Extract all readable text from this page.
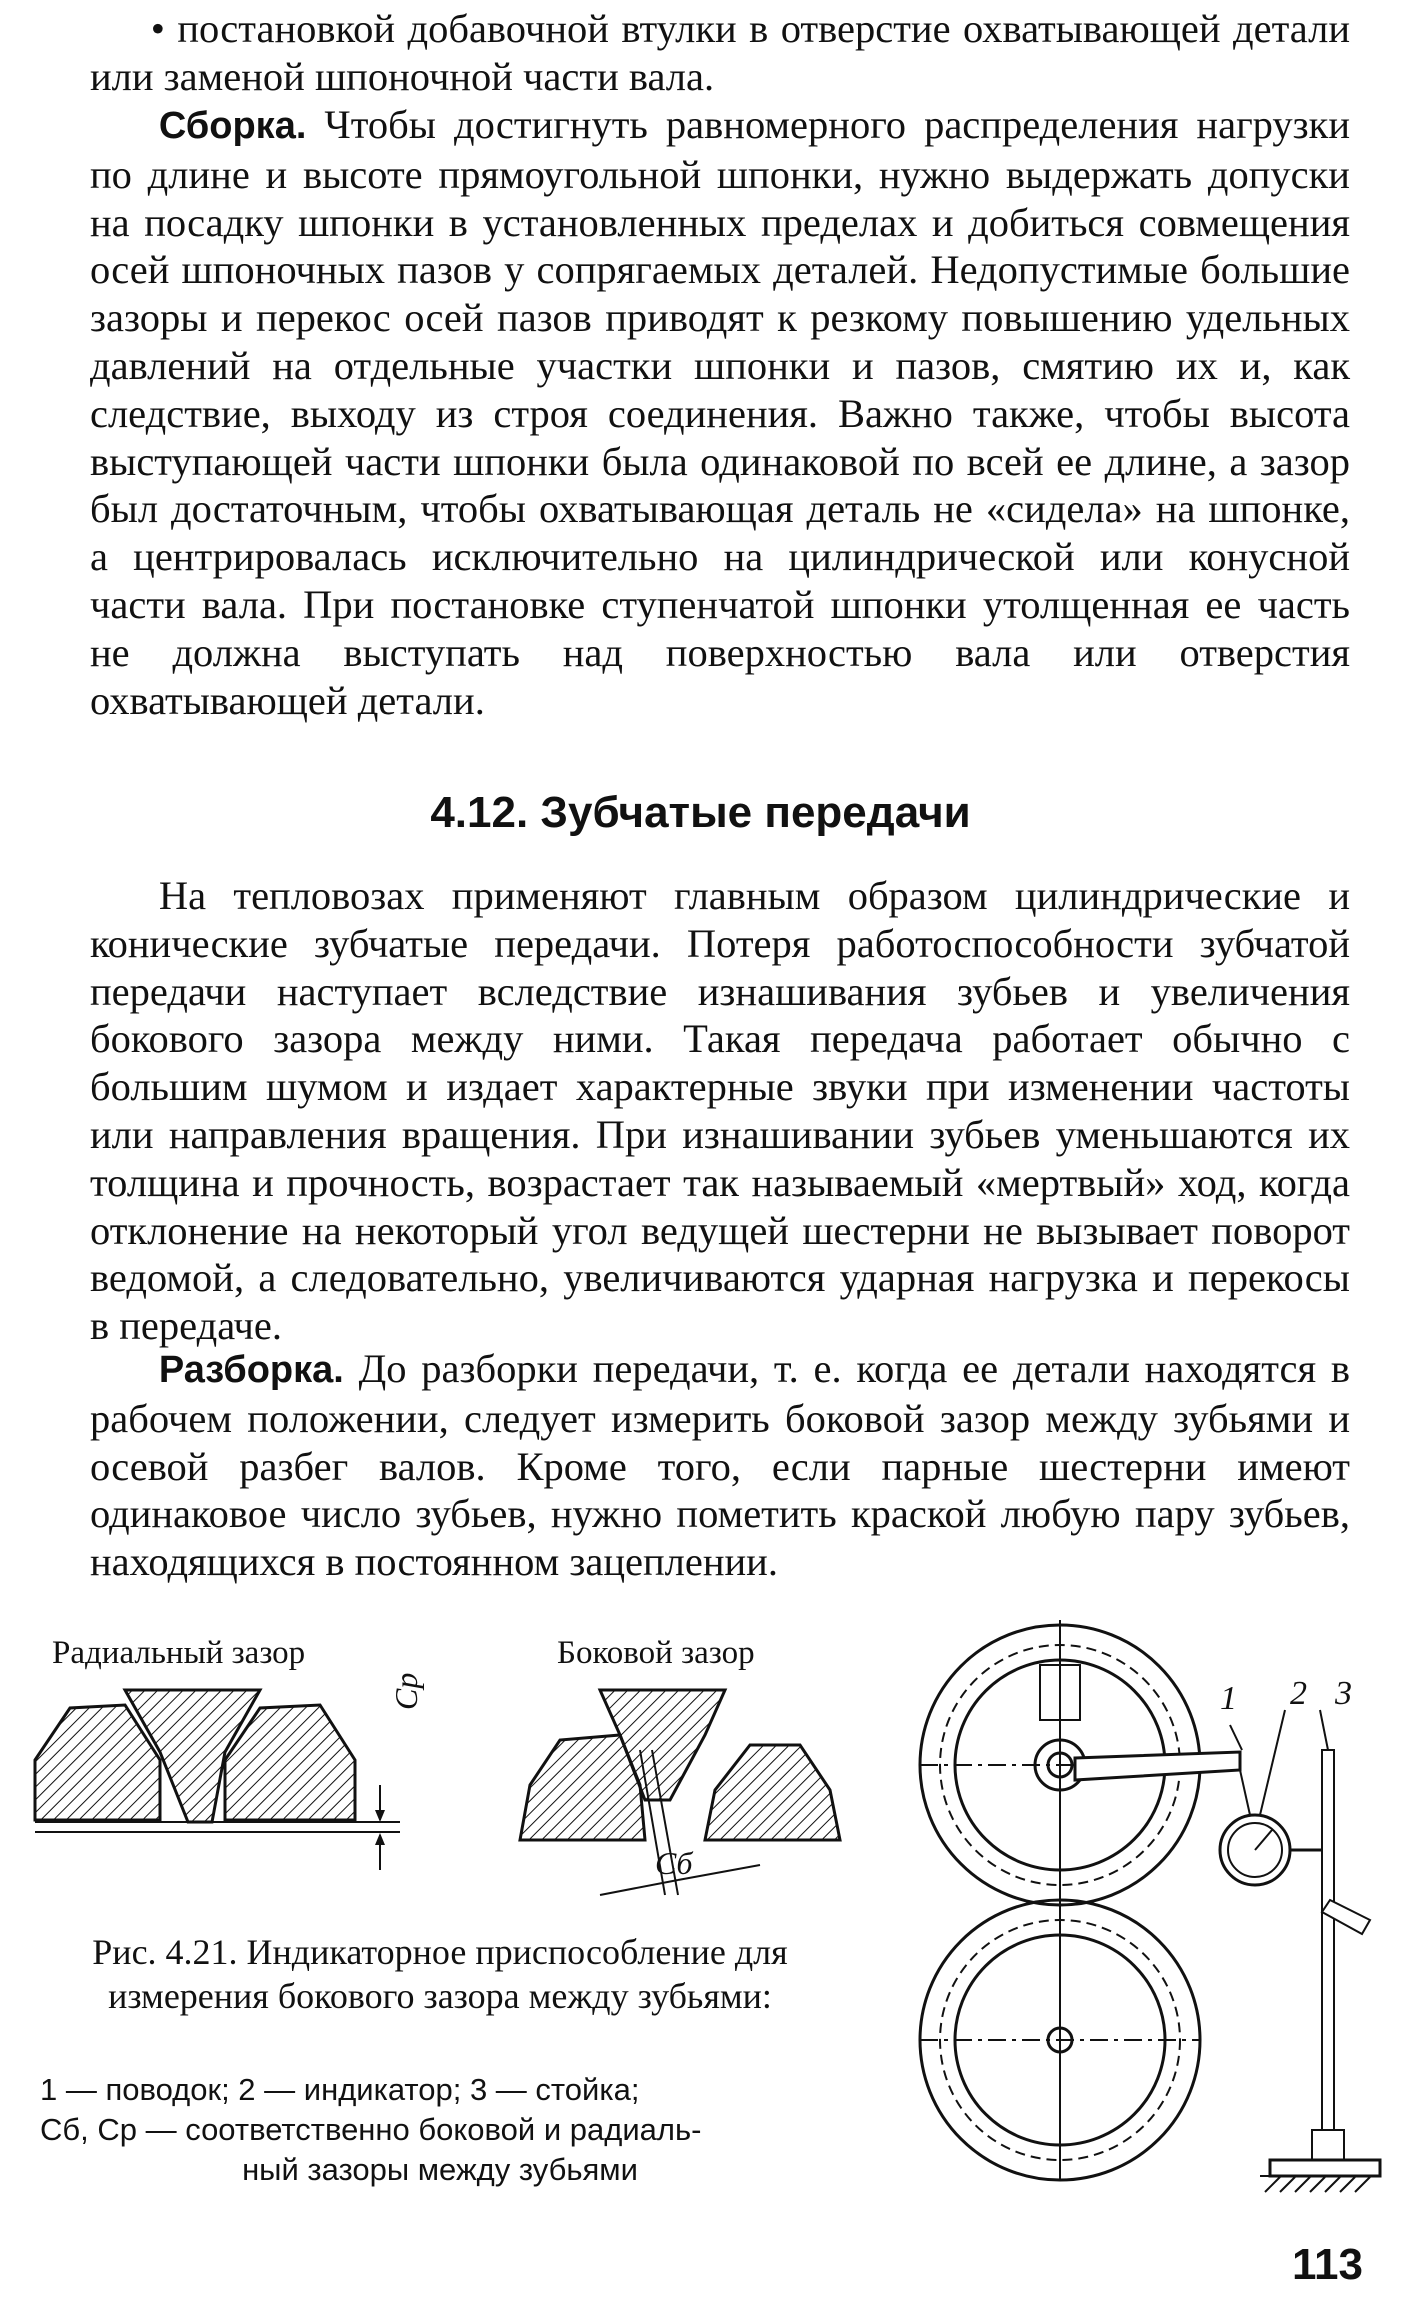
• постановкой добавочной втулки в отверстие охватывающей детали или заменой шпоночной части вала.

Сборка. Чтобы достигнуть равномерного распределения нагрузки по длине и высоте прямоугольной шпонки, нужно выдержать допуски на посадку шпонки в установленных пределах и добиться совмещения осей шпоночных пазов у сопрягаемых деталей. Недопустимые большие зазоры и перекос осей пазов приводят к резкому повышению удельных давлений на отдельные участки шпонки и пазов, смятию их и, как следствие, выходу из строя соединения. Важно также, чтобы высота выступающей части шпонки была одинаковой по всей ее длине, а зазор был достаточным, чтобы охватывающая деталь не «сидела» на шпонке, а центрировалась исключительно на цилиндрической или конусной части вала. При постановке ступенчатой шпонки утолщенная ее часть не должна выступать над поверхностью вала или отверстия охватывающей детали.

4.12. Зубчатые передачи

На тепловозах применяют главным образом цилиндрические и конические зубчатые передачи. Потеря работоспособности зубчатой передачи наступает вследствие изнашивания зубьев и увеличения бокового зазора между ними. Такая передача работает обычно с большим шумом и издает характерные звуки при изменении частоты или направления вращения. При изнашивании зубьев уменьшаются их толщина и прочность, возрастает так называемый «мертвый» ход, когда отклонение на некоторый угол ведущей шестерни не вызывает поворот ведомой, а следовательно, увеличиваются ударная нагрузка и перекосы в передаче.

Разборка. До разборки передачи, т. е. когда ее детали находятся в рабочем положении, следует измерить боковой зазор между зубьями и осевой разбег валов. Кроме того, если парные шестерни имеют одинаковое число зубьев, нужно пометить краской любую пару зубьев, находящихся в постоянном зацеплении.

Радиальный зазор	Боковой зазор
Cp
Cб
1 2 3
Рис. 4.21. Индикаторное приспособление для измерения бокового зазора между зубьями:
1 — поводок; 2 — индикатор; 3 — стойка;
Cб, Cр — соответственно боковой и радиаль-
ный зазоры между зубьями
113
